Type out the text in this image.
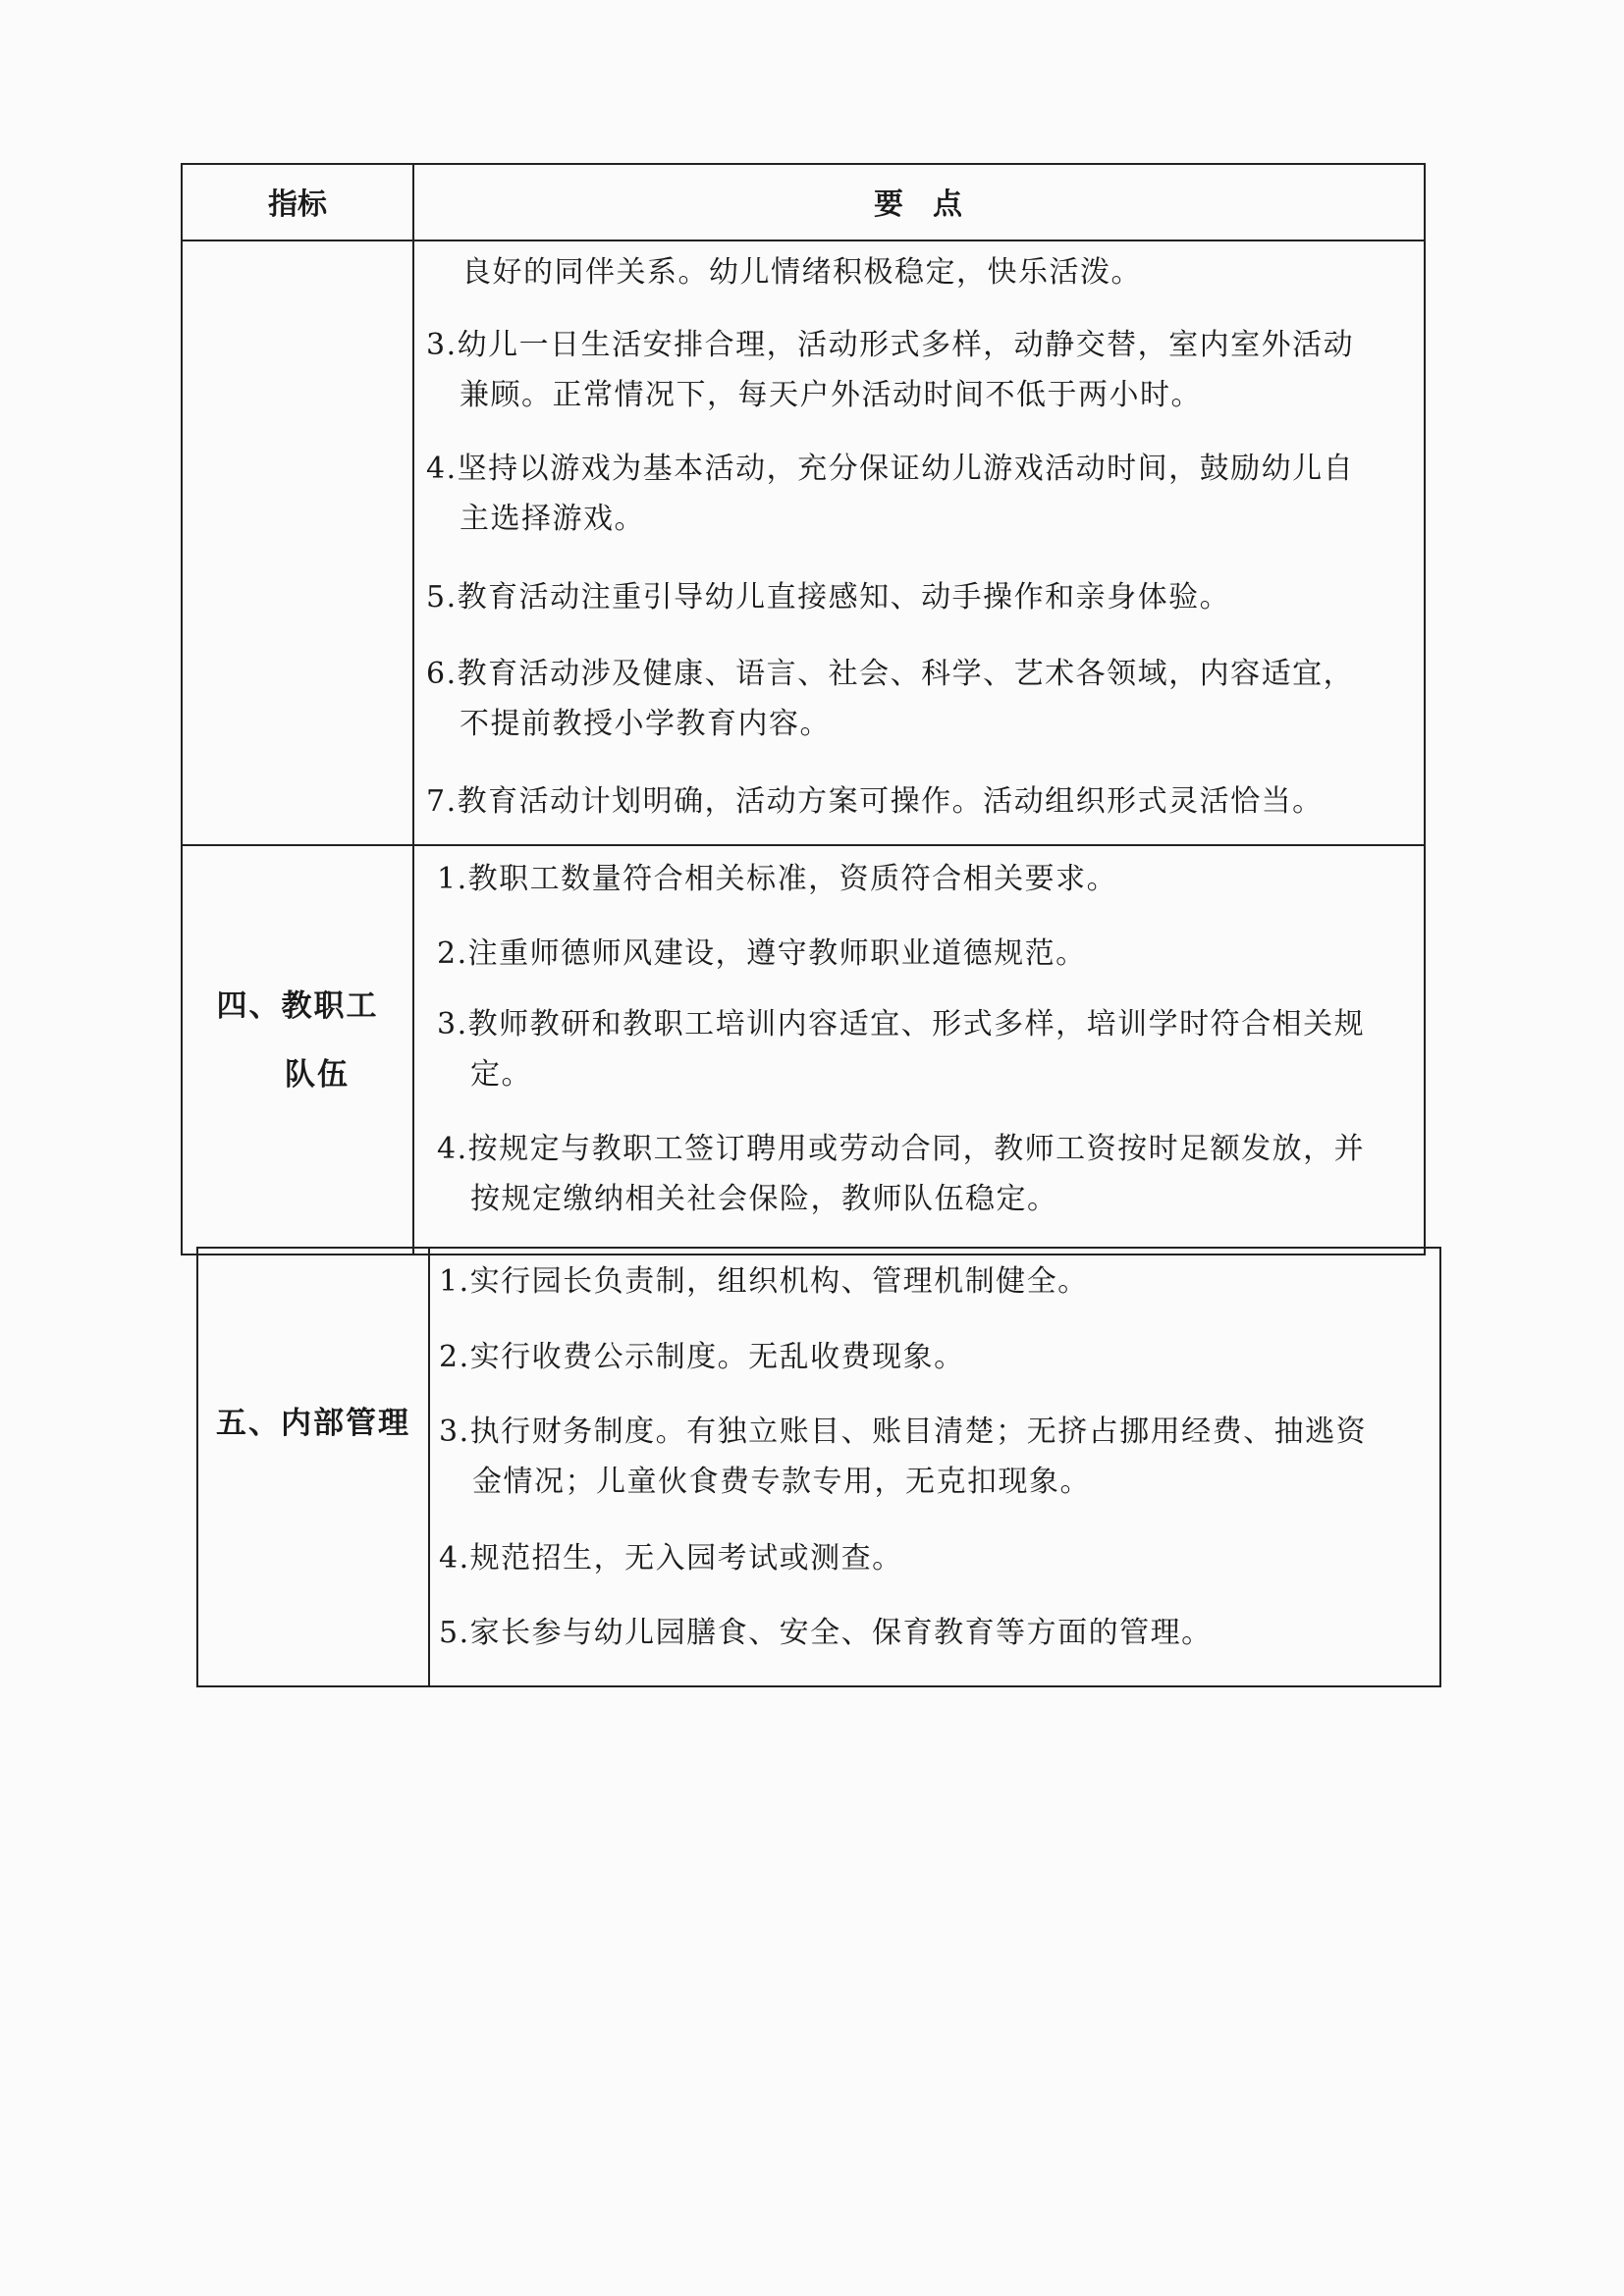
指标	要　点
良好的同伴关系。幼儿情绪积极稳定，快乐活泼。
3.幼儿一日生活安排合理，活动形式多样，动静交替，室内室外活动
兼顾。正常情况下，每天户外活动时间不低于两小时。
4.坚持以游戏为基本活动，充分保证幼儿游戏活动时间，鼓励幼儿自
主选择游戏。
5.教育活动注重引导幼儿直接感知、动手操作和亲身体验。
6.教育活动涉及健康、语言、社会、科学、艺术各领域，内容适宜，
不提前教授小学教育内容。
7.教育活动计划明确，活动方案可操作。活动组织形式灵活恰当。
四、教职工
队伍
1.教职工数量符合相关标准，资质符合相关要求。
2.注重师德师风建设，遵守教师职业道德规范。
3.教师教研和教职工培训内容适宜、形式多样，培训学时符合相关规
定。
4.按规定与教职工签订聘用或劳动合同，教师工资按时足额发放，并
按规定缴纳相关社会保险，教师队伍稳定。
五、内部管理
1.实行园长负责制，组织机构、管理机制健全。
2.实行收费公示制度。无乱收费现象。
3.执行财务制度。有独立账目、账目清楚；无挤占挪用经费、抽逃资
金情况；儿童伙食费专款专用，无克扣现象。
4.规范招生，无入园考试或测查。
5.家长参与幼儿园膳食、安全、保育教育等方面的管理。
